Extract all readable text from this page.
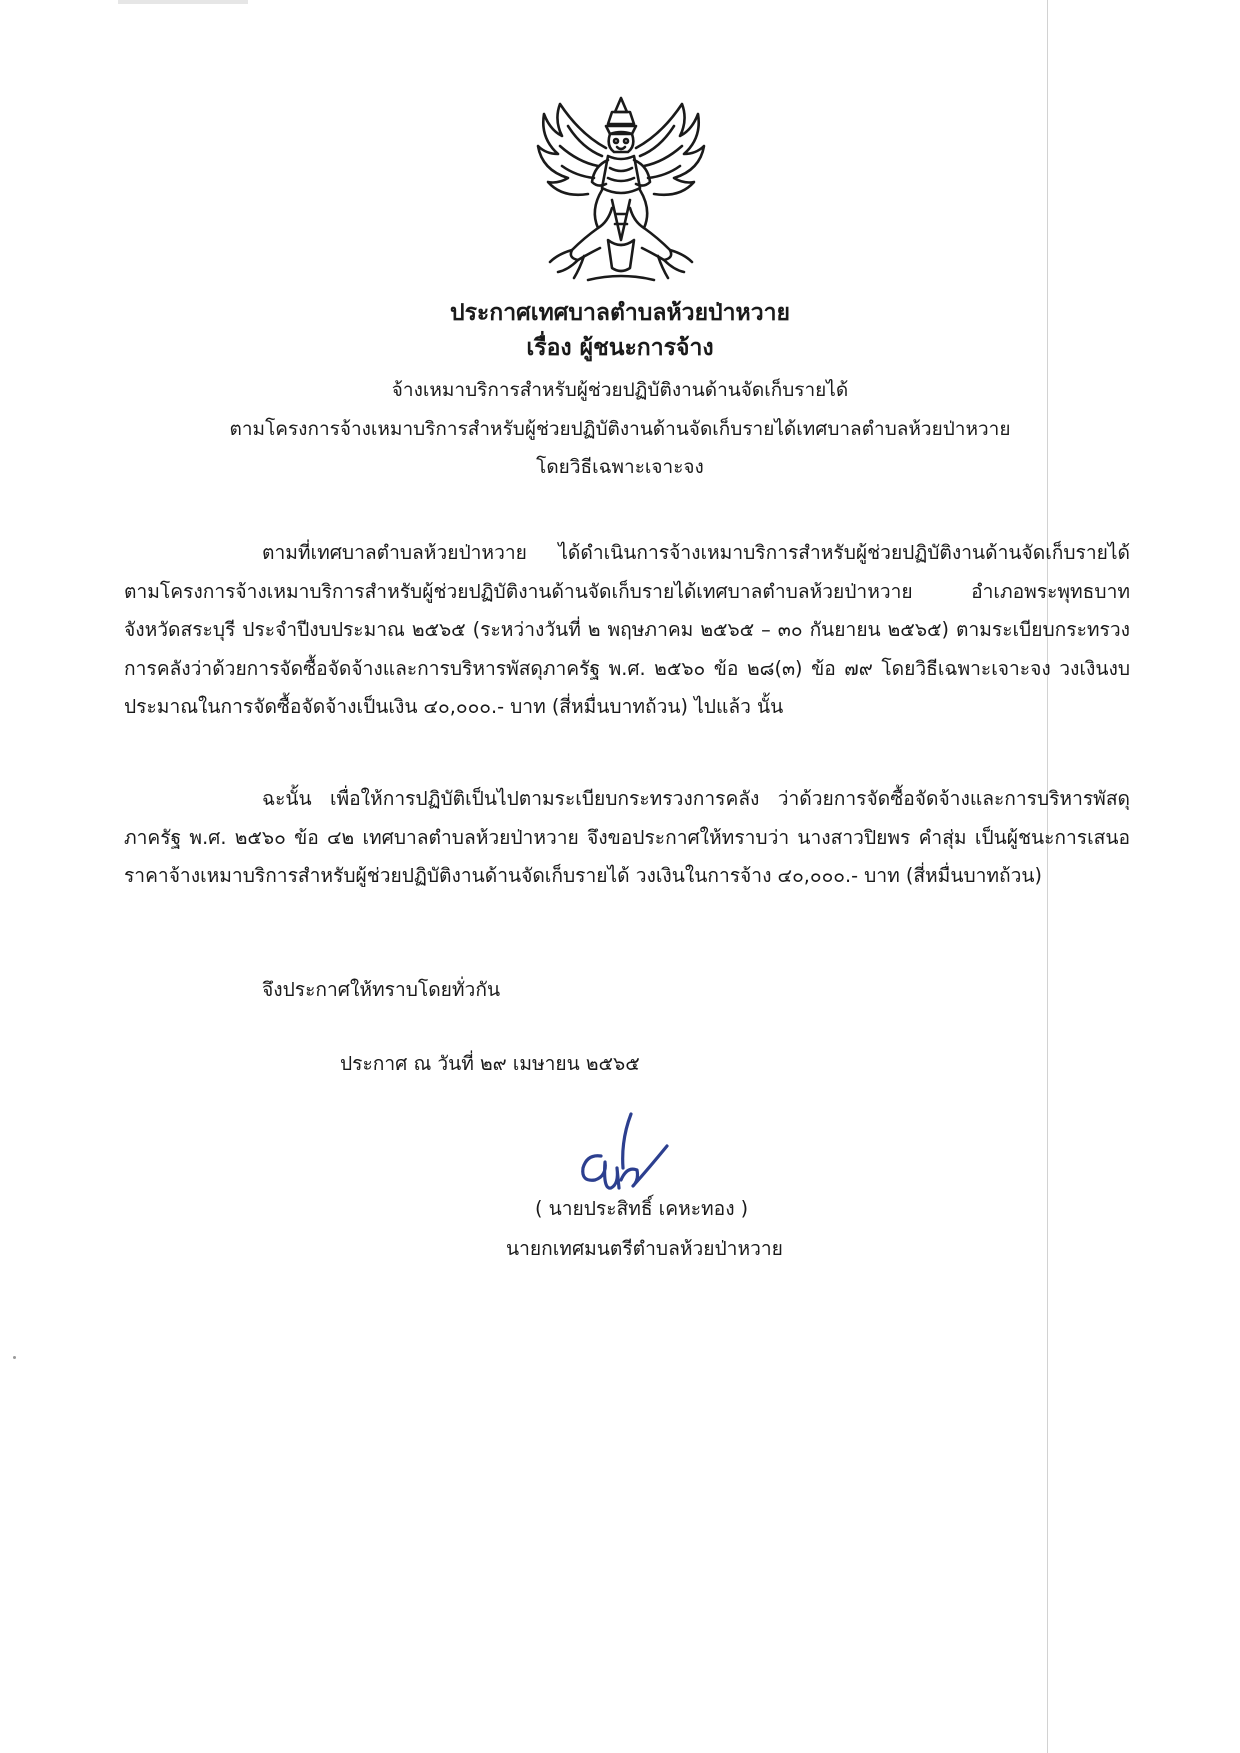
ประกาศเทศบาลตำบลห้วยป่าหวาย
เรื่อง ผู้ชนะการจ้าง
จ้างเหมาบริการสำหรับผู้ช่วยปฏิบัติงานด้านจัดเก็บรายได้
ตามโครงการจ้างเหมาบริการสำหรับผู้ช่วยปฏิบัติงานด้านจัดเก็บรายได้เทศบาลตำบลห้วยป่าหวาย
โดยวิธีเฉพาะเจาะจง

ตามที่เทศบาลตำบลห้วยป่าหวาย ได้ดำเนินการจ้างเหมาบริการสำหรับผู้ช่วยปฏิบัติงานด้านจัดเก็บรายได้ ตามโครงการจ้างเหมาบริการสำหรับผู้ช่วยปฏิบัติงานด้านจัดเก็บรายได้เทศบาลตำบลห้วยป่าหวาย อำเภอพระพุทธบาท จังหวัดสระบุรี ประจำปีงบประมาณ ๒๕๖๕ (ระหว่างวันที่ ๒ พฤษภาคม ๒๕๖๕ – ๓๐ กันยายน ๒๕๖๕) ตามระเบียบกระทรวงการคลังว่าด้วยการจัดซื้อจัดจ้างและการบริหารพัสดุภาครัฐ พ.ศ. ๒๕๖๐ ข้อ ๒๘(๓) ข้อ ๗๙ โดยวิธีเฉพาะเจาะจง วงเงินงบประมาณในการจัดซื้อจัดจ้างเป็นเงิน ๔๐,๐๐๐.- บาท (สี่หมื่นบาทถ้วน) ไปแล้ว นั้น

ฉะนั้น เพื่อให้การปฏิบัติเป็นไปตามระเบียบกระทรวงการคลัง ว่าด้วยการจัดซื้อจัดจ้างและการบริหารพัสดุภาครัฐ พ.ศ. ๒๕๖๐ ข้อ ๔๒ เทศบาลตำบลห้วยป่าหวาย จึงขอประกาศให้ทราบว่า นางสาวปิยพร คำสุ่ม เป็นผู้ชนะการเสนอราคาจ้างเหมาบริการสำหรับผู้ช่วยปฏิบัติงานด้านจัดเก็บรายได้ วงเงินในการจ้าง ๔๐,๐๐๐.- บาท (สี่หมื่นบาทถ้วน)

จึงประกาศให้ทราบโดยทั่วกัน
ประกาศ ณ วันที่ ๒๙ เมษายน ๒๕๖๕
( นายประสิทธิ์ เคหะทอง )
นายกเทศมนตรีตำบลห้วยป่าหวาย
